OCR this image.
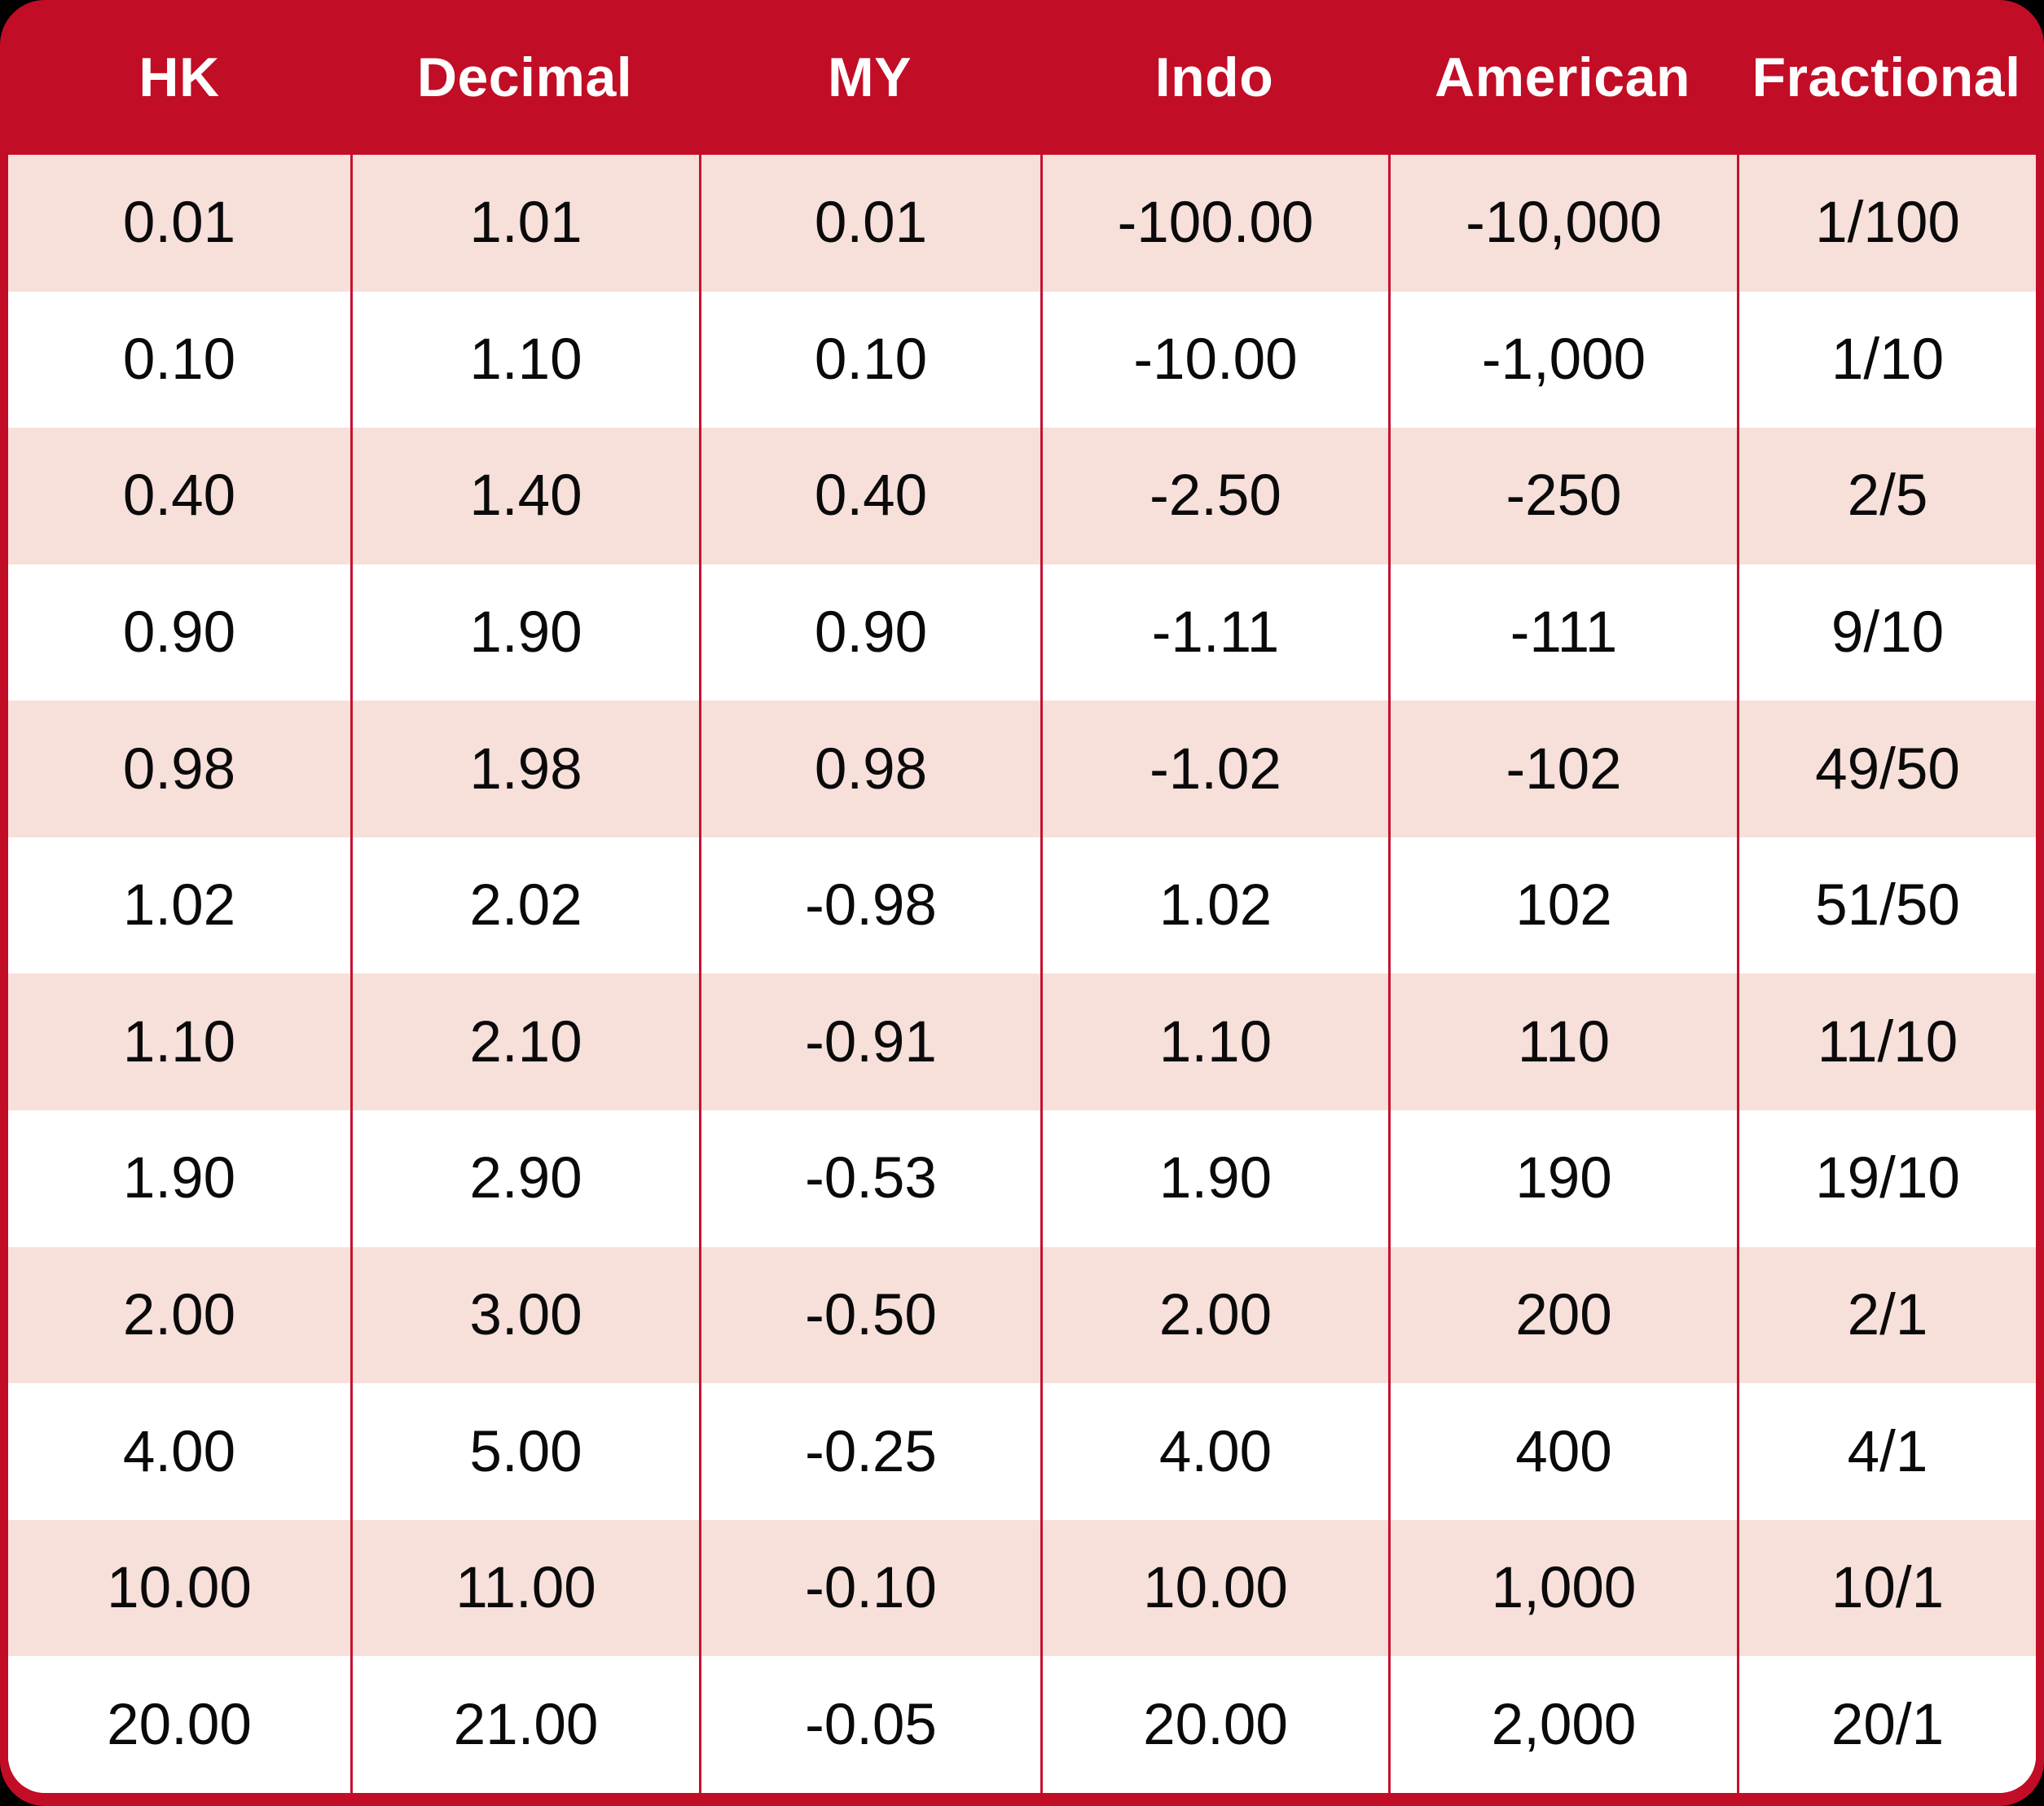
HK	Decimal	MY	Indo	American	Fractional
0.01	1.01	0.01	-100.00	-10,000	1/100
0.10	1.10	0.10	-10.00	-1,000	1/10
0.40	1.40	0.40	-2.50	-250	2/5
0.90	1.90	0.90	-1.11	-111	9/10
0.98	1.98	0.98	-1.02	-102	49/50
1.02	2.02	-0.98	1.02	102	51/50
1.10	2.10	-0.91	1.10	110	11/10
1.90	2.90	-0.53	1.90	190	19/10
2.00	3.00	-0.50	2.00	200	2/1
4.00	5.00	-0.25	4.00	400	4/1
10.00	11.00	-0.10	10.00	1,000	10/1
20.00	21.00	-0.05	20.00	2,000	20/1
